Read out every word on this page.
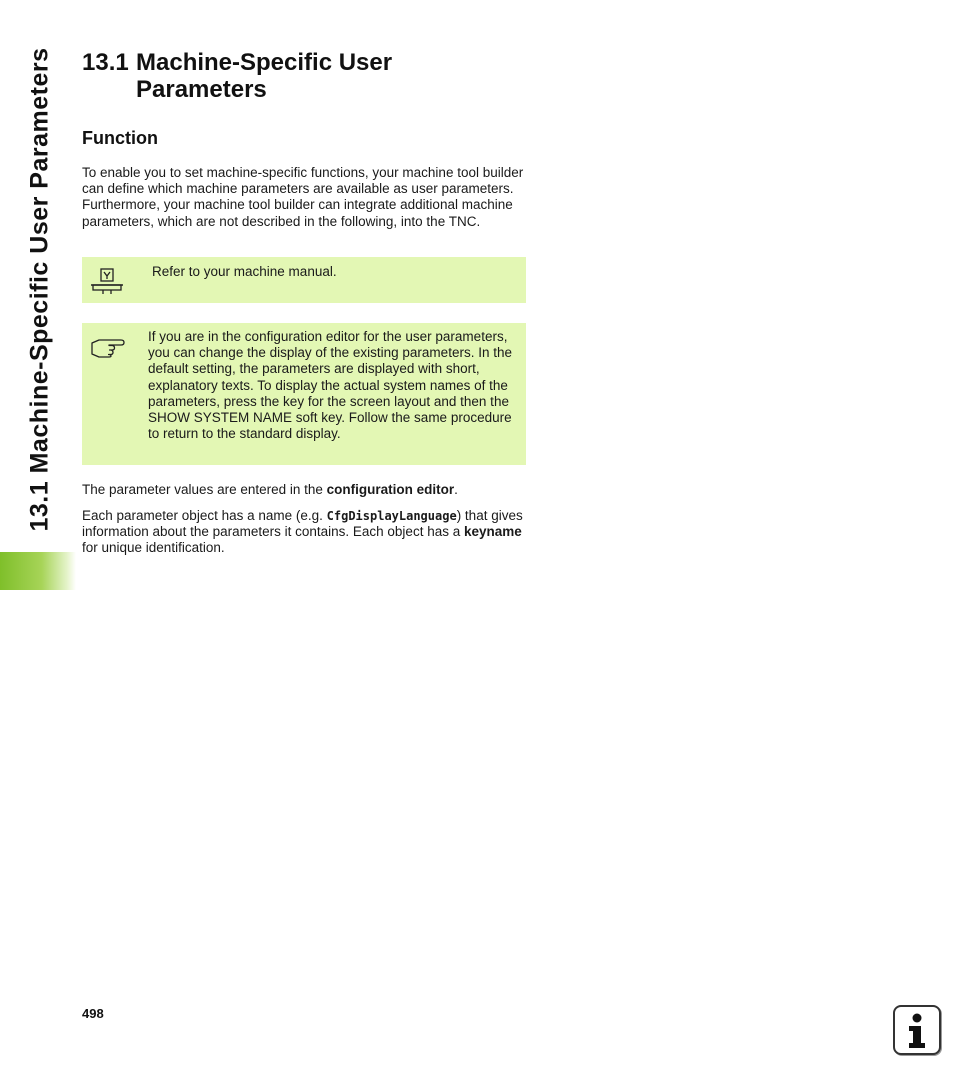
13.1 Machine-Specific User Parameters 13.1 Machine-Specific User
Parameters
Function

To enable you to set machine-specific functions, your machine tool builder can define which machine parameters are available as user parameters. Furthermore, your machine tool builder can integrate additional machine parameters, which are not described in the following, into the TNC.

Refer to your machine manual.

If you are in the configuration editor for the user parameters, you can change the display of the existing parameters. In the default setting, the parameters are displayed with short, explanatory texts. To display the actual system names of the parameters, press the key for the screen layout and then the SHOW SYSTEM NAME soft key. Follow the same procedure to return to the standard display.

The parameter values are entered in the configuration editor.

Each parameter object has a name (e.g. CfgDisplayLanguage) that gives information about the parameters it contains. Each object has a keyname for unique identification.

498
